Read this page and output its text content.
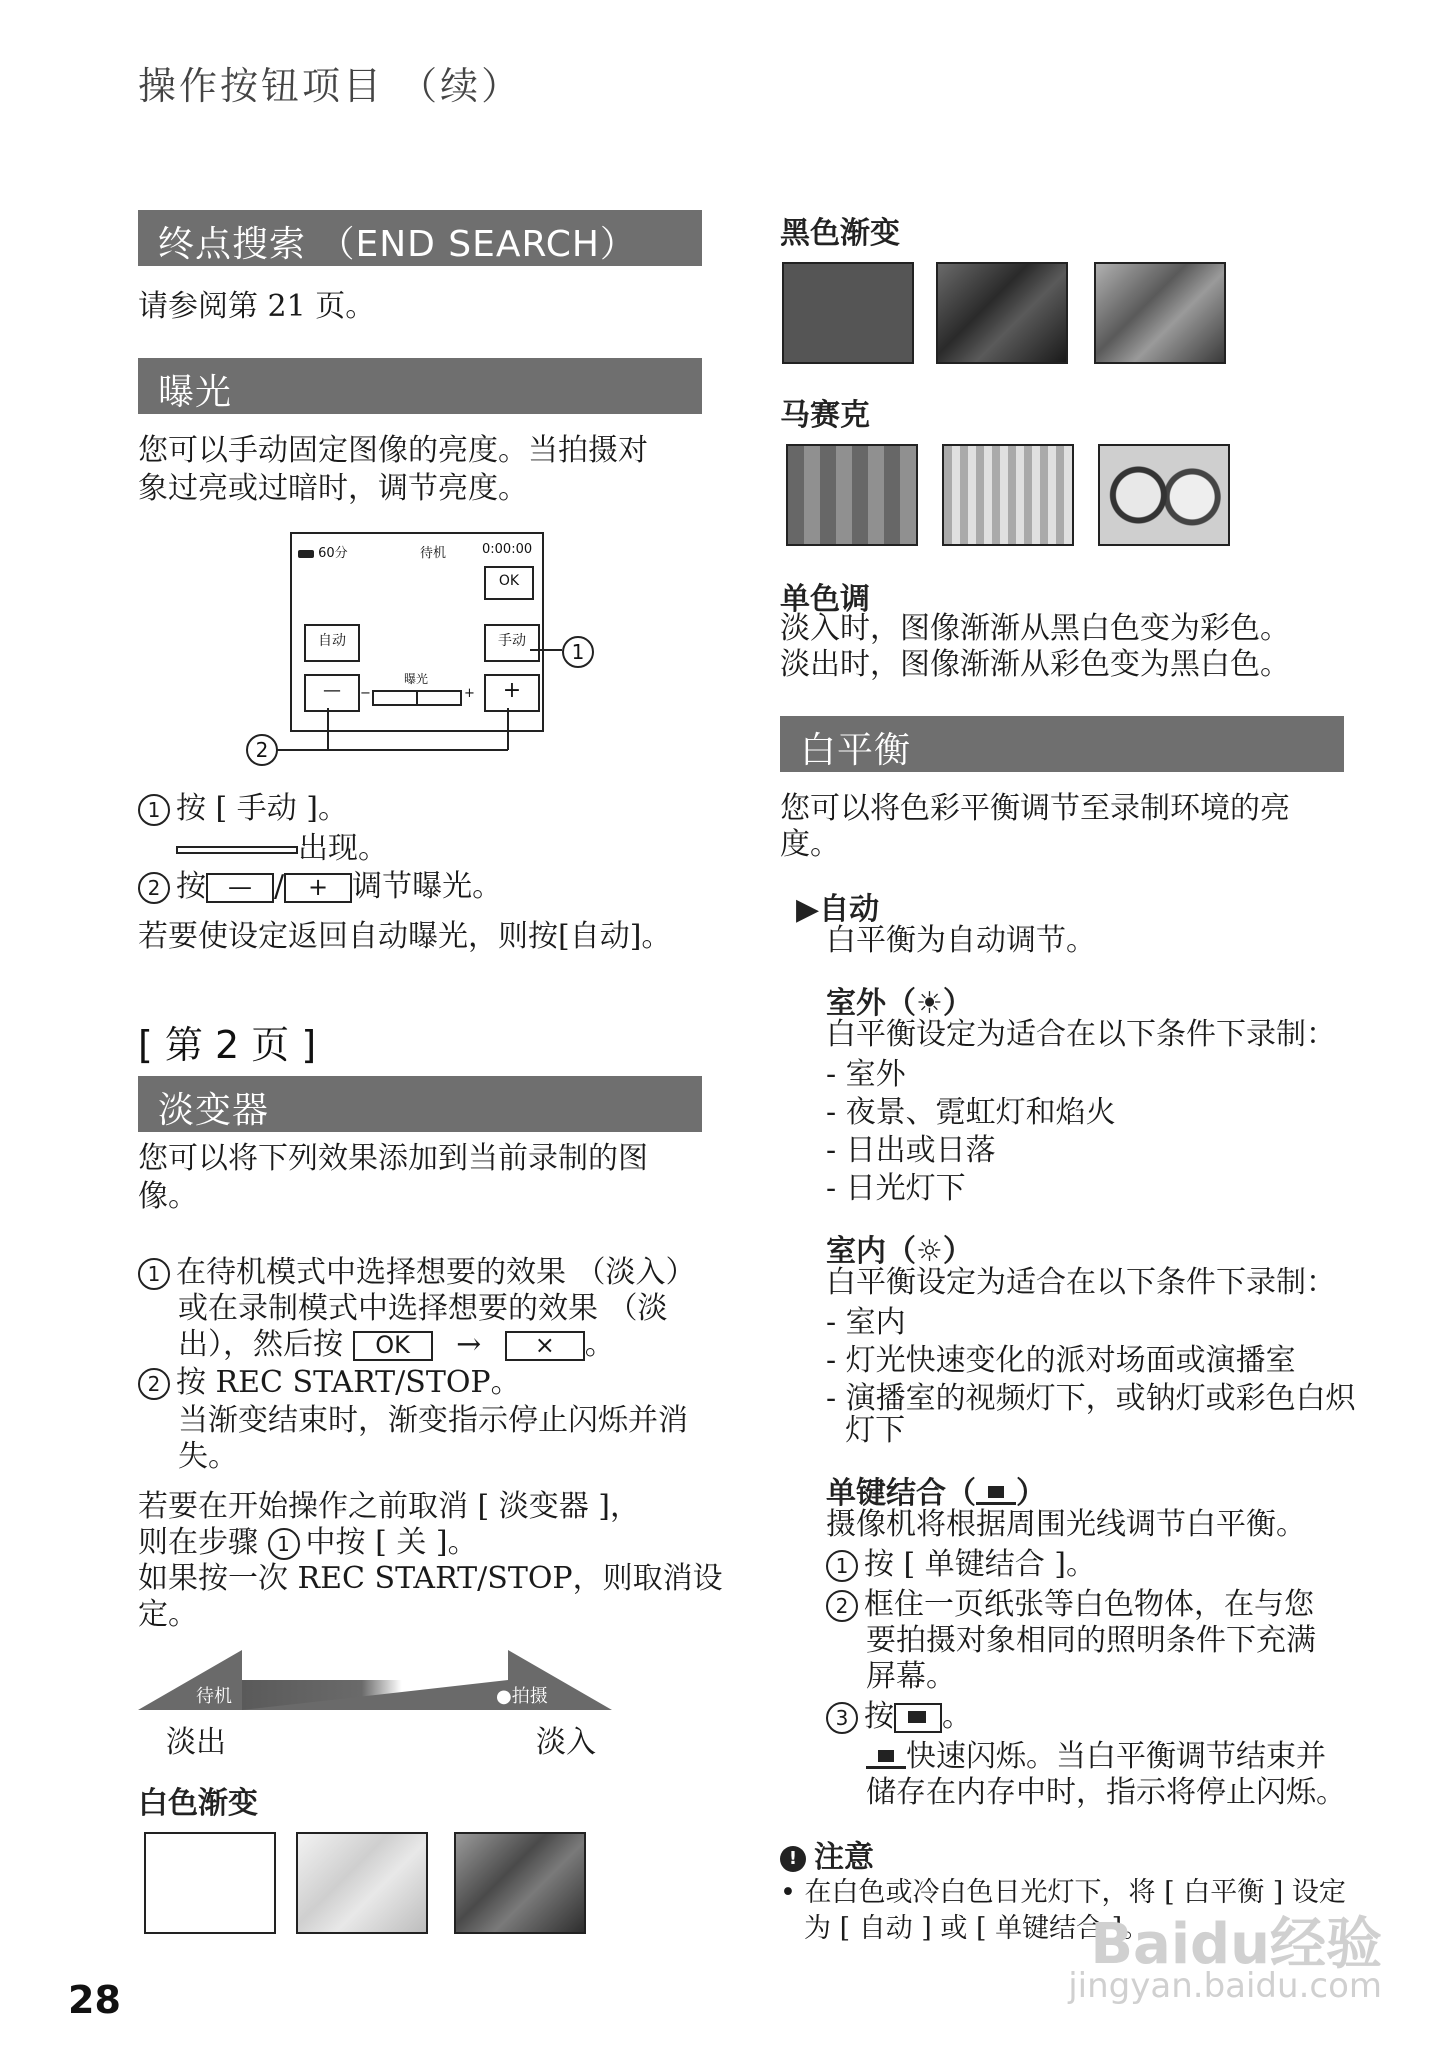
操作按钮项目 （续）
终点搜索 （END SEARCH）
请参阅第 21 页。
曝光
您可以手动固定图像的亮度。当拍摄对
象过亮或过暗时，调节亮度。
60分	待机	0:00:00
OK
自动	手动
—	+
曝光
−	+
1
2
1 按 [ 手动 ]。
出现。
2 按 — / + 调节曝光。
若要使设定返回自动曝光，则按[自动]。
[ 第 2 页 ]
淡变器
您可以将下列效果添加到当前录制的图
像。
1 在待机模式中选择想要的效果 （淡入）
或在录制模式中选择想要的效果 （淡
出），然后按 OK → × 。
2 按 REC START/STOP。
当渐变结束时，渐变指示停止闪烁并消
失。
若要在开始操作之前取消 [ 淡变器 ]，
则在步骤 1 中按 [ 关 ]。
如果按一次 REC START/STOP，则取消设
定。
待机	●拍摄
淡出	淡入
白色渐变
黑色渐变
马赛克
单色调
淡入时，图像渐渐从黑白色变为彩色。
淡出时，图像渐渐从彩色变为黑白色。
白平衡
您可以将色彩平衡调节至录制环境的亮
度。
▶自动
白平衡为自动调节。
室外（☀）
白平衡设定为适合在以下条件下录制：
- 室外
- 夜景、霓虹灯和焰火
- 日出或日落
- 日光灯下
室内（☼）
白平衡设定为适合在以下条件下录制：
- 室内
- 灯光快速变化的派对场面或演播室
- 演播室的视频灯下，或钠灯或彩色白炽
灯下
单键结合（ ）
摄像机将根据周围光线调节白平衡。
1 按 [ 单键结合 ]。
2 框住一页纸张等白色物体，在与您
要拍摄对象相同的照明条件下充满
屏幕。
3 按 。
快速闪烁。当白平衡调节结束并
储存在内存中时，指示将停止闪烁。
! 注意
• 在白色或冷白色日光灯下，将 [ 白平衡 ] 设定
为 [ 自动 ] 或 [ 单键结合 ]。
28
Baidu经验
jingyan.baidu.com
